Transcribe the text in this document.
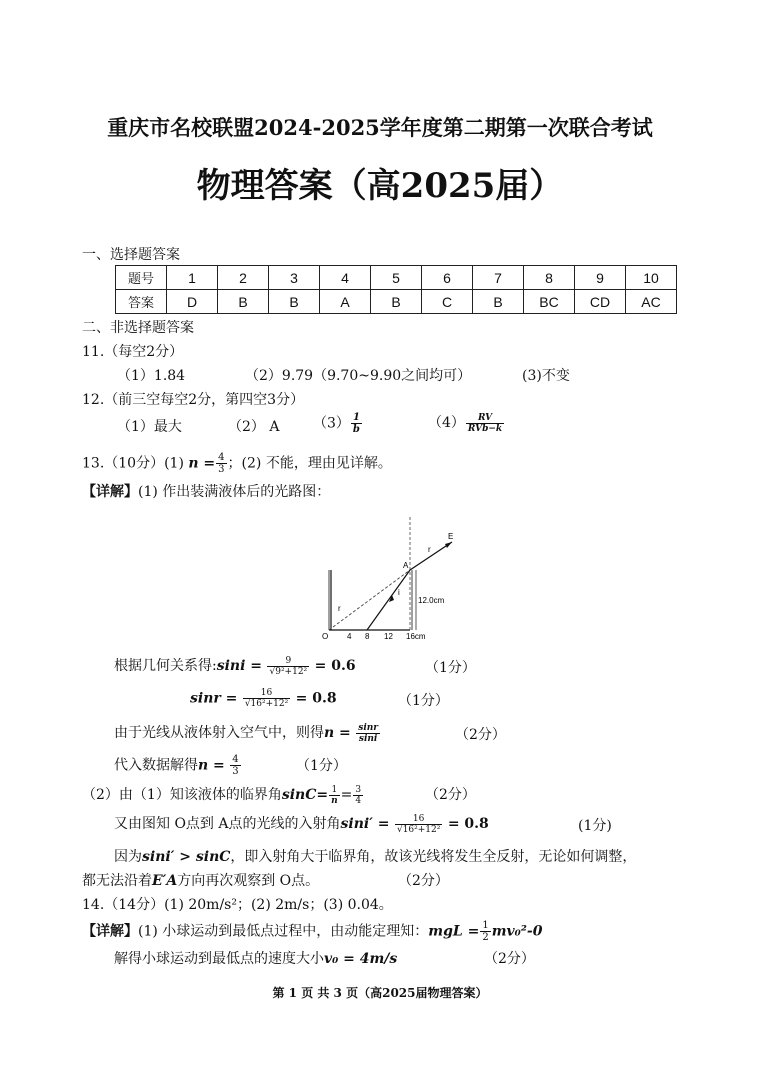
重庆市名校联盟2024-2025学年度第二期第一次联合考试
物理答案（高2025届）
一、选择题答案
题号	1	2	3	4	5	6	7	8	9	10
答案	D	B	B	A	B	C	B	BC	CD	AC
二、非选择题答案
11.（每空2分）
（1）1.84	（2）9.79（9.70~9.90之间均可）	(3)不变
12.（前三空每空2分，第四空3分）
（1）最大	（2） A $(3) \frac{1}{b}$	$(4) \frac{RV}{\text{RVb−k}}$
13.（10分）(1) $n = \frac{4}{3}$ ；(2) 不能，理由见详解。
【详解】(1) 作出装满液体后的光路图：
E
A
r
r
i
12.0cm
O 4 8 12 16cm
根据几何关系得:sini = $\frac{9}{\text{√9²+12²}} = 0.6$	（1分）
$\sin r = \frac{16}{\text{√16²+12²}} = 0.8$	（1分）
由于光线从液体射入空气中，则得$n = \frac{\sin r}{\sin i}$	（2分）
代入数据解得$n = \frac{4}{3}$	（1分）
（2）由（1）知该液体的临界角$\sin C= \frac{1}{n} = \frac{3}{4}$	（2分）
又由图知 O点到 A点的光线的入射角$\sin i' = \frac{16}{\text{√16²+12²}} = 0.8$	(1分)
因为sini′ > sinC，即入射角大于临界角，故该光线将发生全反射，无论如何调整，
都无法沿着E′A方向再次观察到 O点。	（2分）
14.（14分）(1) 20m/s²；(2) 2m/s；(3) 0.04。
【详解】(1) 小球运动到最低点过程中，由动能定理知：mgL = $\frac{1}{2} mv_0^2-0$
解得小球运动到最低点的速度大小v₀ = 4m/s	（2分）
第 1 页 共 3 页（高2025届物理答案）
